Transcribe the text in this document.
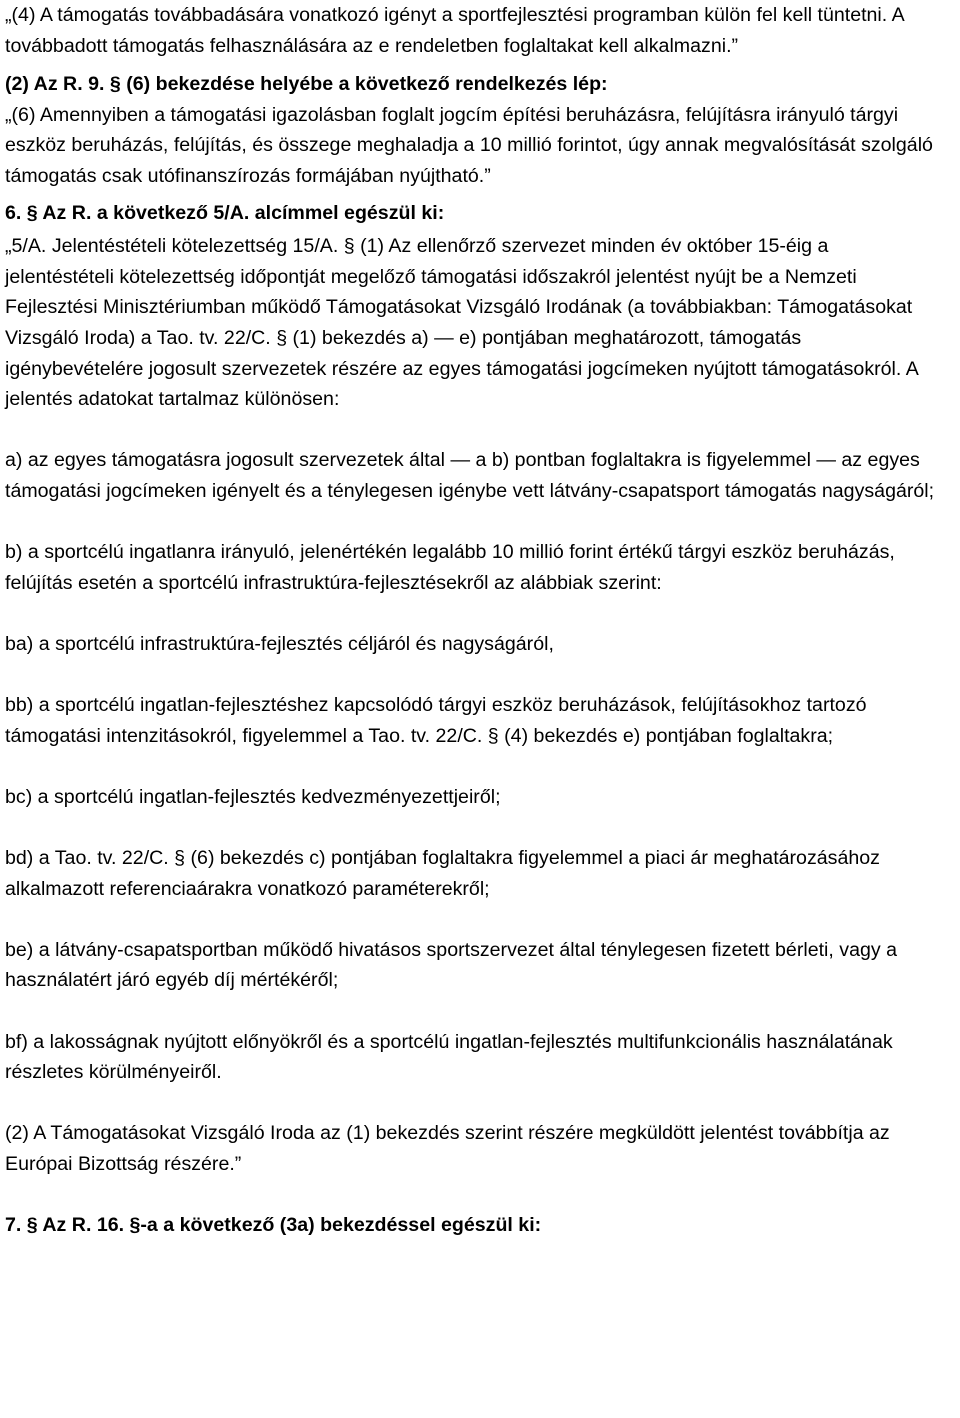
„(4) A támogatás továbbadására vonatkozó igényt a sportfejlesztési programban külön fel kell tüntetni. A továbbadott támogatás felhasználására az e rendeletben foglaltakat kell alkalmazni.”

(2) Az R. 9. § (6) bekezdése helyébe a következő rendelkezés lép:

„(6) Amennyiben a támogatási igazolásban foglalt jogcím építési beruházásra, felújításra irányuló tárgyi eszköz beruházás, felújítás, és összege meghaladja a 10 millió forintot, úgy annak megvalósítását szolgáló támogatás csak utófinanszírozás formájában nyújtható.”

6. § Az R. a következő 5/A. alcímmel egészül ki:

„5/A. Jelentéstételi kötelezettség 15/A. § (1) Az ellenőrző szervezet minden év október 15-éig a jelentéstételi kötelezettség időpontját megelőző támogatási időszakról jelentést nyújt be a Nemzeti Fejlesztési Minisztériumban működő Támogatásokat Vizsgáló Irodának (a továbbiakban: Támogatásokat Vizsgáló Iroda) a Tao. tv. 22/C. § (1) bekezdés a) — e) pontjában meghatározott, támogatás igénybevételére jogosult szervezetek részére az egyes támogatási jogcímeken nyújtott támogatásokról. A jelentés adatokat tartalmaz különösen:

a) az egyes támogatásra jogosult szervezetek által — a b) pontban foglaltakra is figyelemmel — az egyes támogatási jogcímeken igényelt és a ténylegesen igénybe vett látvány-csapatsport támogatás nagyságáról;

b) a sportcélú ingatlanra irányuló, jelenértékén legalább 10 millió forint értékű tárgyi eszköz beruházás, felújítás esetén a sportcélú infrastruktúra-fejlesztésekről az alábbiak szerint:

ba) a sportcélú infrastruktúra-fejlesztés céljáról és nagyságáról,

bb) a sportcélú ingatlan-fejlesztéshez kapcsolódó tárgyi eszköz beruházások, felújításokhoz tartozó támogatási intenzitásokról, figyelemmel a Tao. tv. 22/C. § (4) bekezdés e) pontjában foglaltakra;

bc) a sportcélú ingatlan-fejlesztés kedvezményezettjeiről;

bd) a Tao. tv. 22/C. § (6) bekezdés c) pontjában foglaltakra figyelemmel a piaci ár meghatározásához alkalmazott referenciaárakra vonatkozó paraméterekről;

be) a látvány-csapatsportban működő hivatásos sportszervezet által ténylegesen fizetett bérleti, vagy a használatért járó egyéb díj mértékéről;

bf) a lakosságnak nyújtott előnyökről és a sportcélú ingatlan-fejlesztés multifunkcionális használatának részletes körülményeiről.

(2) A Támogatásokat Vizsgáló Iroda az (1) bekezdés szerint részére megküldött jelentést továbbítja az Európai Bizottság részére.”

7. § Az R. 16. §-a a következő (3a) bekezdéssel egészül ki:
